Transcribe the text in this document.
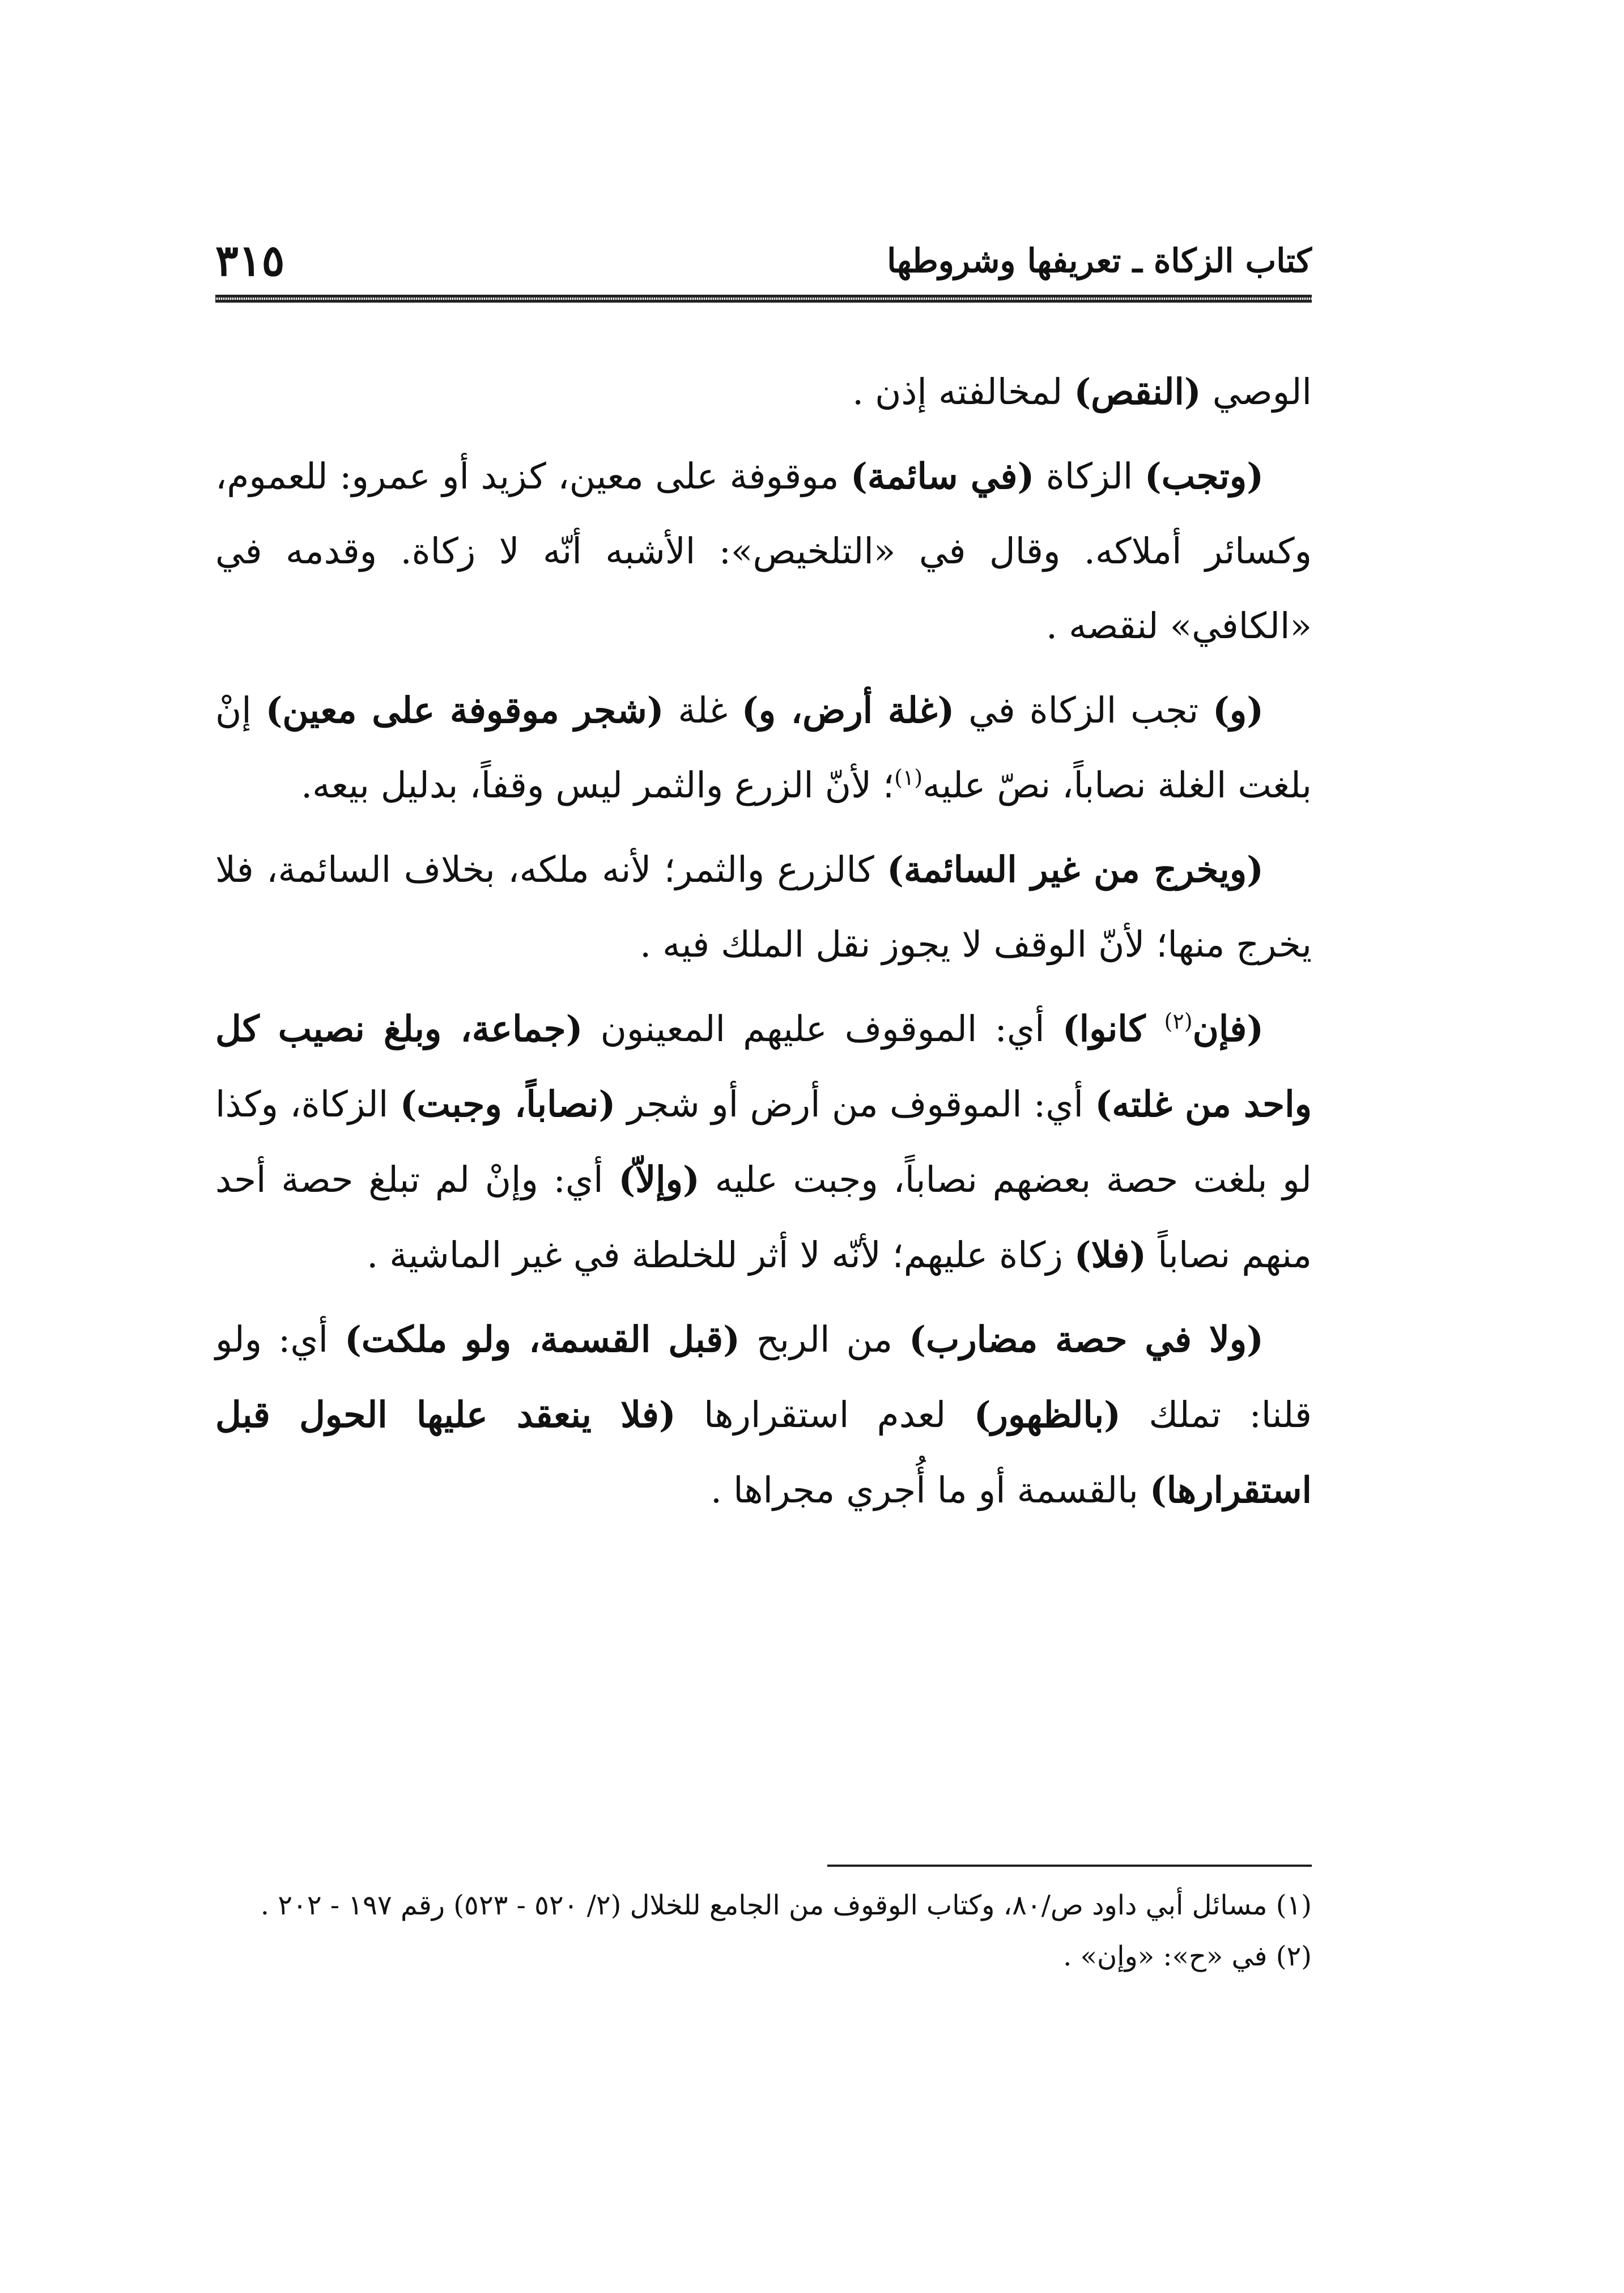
كتاب الزكاة ـ تعريفها وشروطها
٣١٥

الوصي (النقص) لمخالفته إذن .

(وتجب) الزكاة (في سائمة) موقوفة على معين، كزيد أو عمرو: للعموم، وكسائر أملاكه. وقال في «التلخيص»: الأشبه أنّه لا زكاة. وقدمه في «الكافي» لنقصه .

(و) تجب الزكاة في (غلة أرض، و) غلة (شجر موقوفة على معين) إنْ بلغت الغلة نصاباً، نصّ عليه$^{(١)}$؛ لأنّ الزرع والثمر ليس وقفاً، بدليل بيعه.

(ويخرج من غير السائمة) كالزرع والثمر؛ لأنه ملكه، بخلاف السائمة، فلا يخرج منها؛ لأنّ الوقف لا يجوز نقل الملك فيه .

(فإن$^{(٢)}$ كانوا) أي: الموقوف عليهم المعينون (جماعة، وبلغ نصيب كل واحد من غلته) أي: الموقوف من أرض أو شجر (نصاباً، وجبت) الزكاة، وكذا لو بلغت حصة بعضهم نصاباً، وجبت عليه (وإلاّ) أي: وإنْ لم تبلغ حصة أحد منهم نصاباً (فلا) زكاة عليهم؛ لأنّه لا أثر للخلطة في غير الماشية .

(ولا في حصة مضارب) من الربح (قبل القسمة، ولو ملكت) أي: ولو قلنا: تملك (بالظهور) لعدم استقرارها (فلا ينعقد عليها الحول قبل استقرارها) بالقسمة أو ما أُجري مجراها .

(١) مسائل أبي داود ص/٨٠، وكتاب الوقوف من الجامع للخلال (٢/ ٥٢٠ - ٥٢٣) رقم ١٩٧ - ٢٠٢ .

(٢) في «ح»: «وإن» .
